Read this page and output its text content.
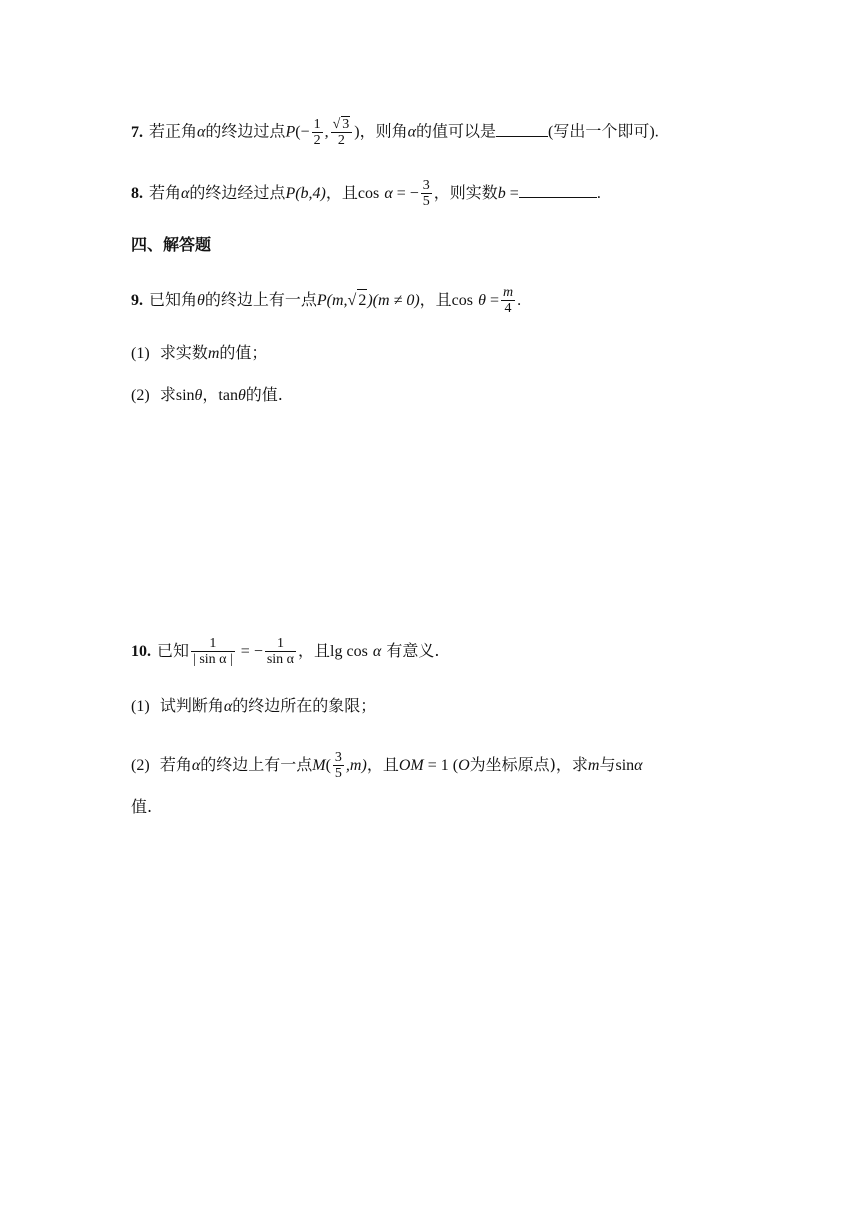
7. 若正角α的终边过点$P(- \frac{1}{2}$ , $\frac{√ 3}{2}$ )，则角α的值可以是	(写出一个即可).
8. 若角α的终边经过点P(b,4)，且cos α = − $\frac{3}{5}$ ，则实数b =	.
四、解答题
9. 已知角θ的终边上有一点P(m,√ 2)(m ≠ 0)，且$\cos \theta = \frac{m}{4}$ .
(1) 求实数m的值；
(2) 求sinθ，tanθ的值.
10. 已知 $\frac{1}{\text{| sin α |}}$ = − $\frac{1}{\text{sin α}}$ ，且lg cos α 有意义.
(1) 试判断角α的终边所在的象限；
(2) 若角α的终边上有一点$M( \frac{3}{5} ,m)$，且OM = 1 (O为坐标原点)，求m与sinα
值.
